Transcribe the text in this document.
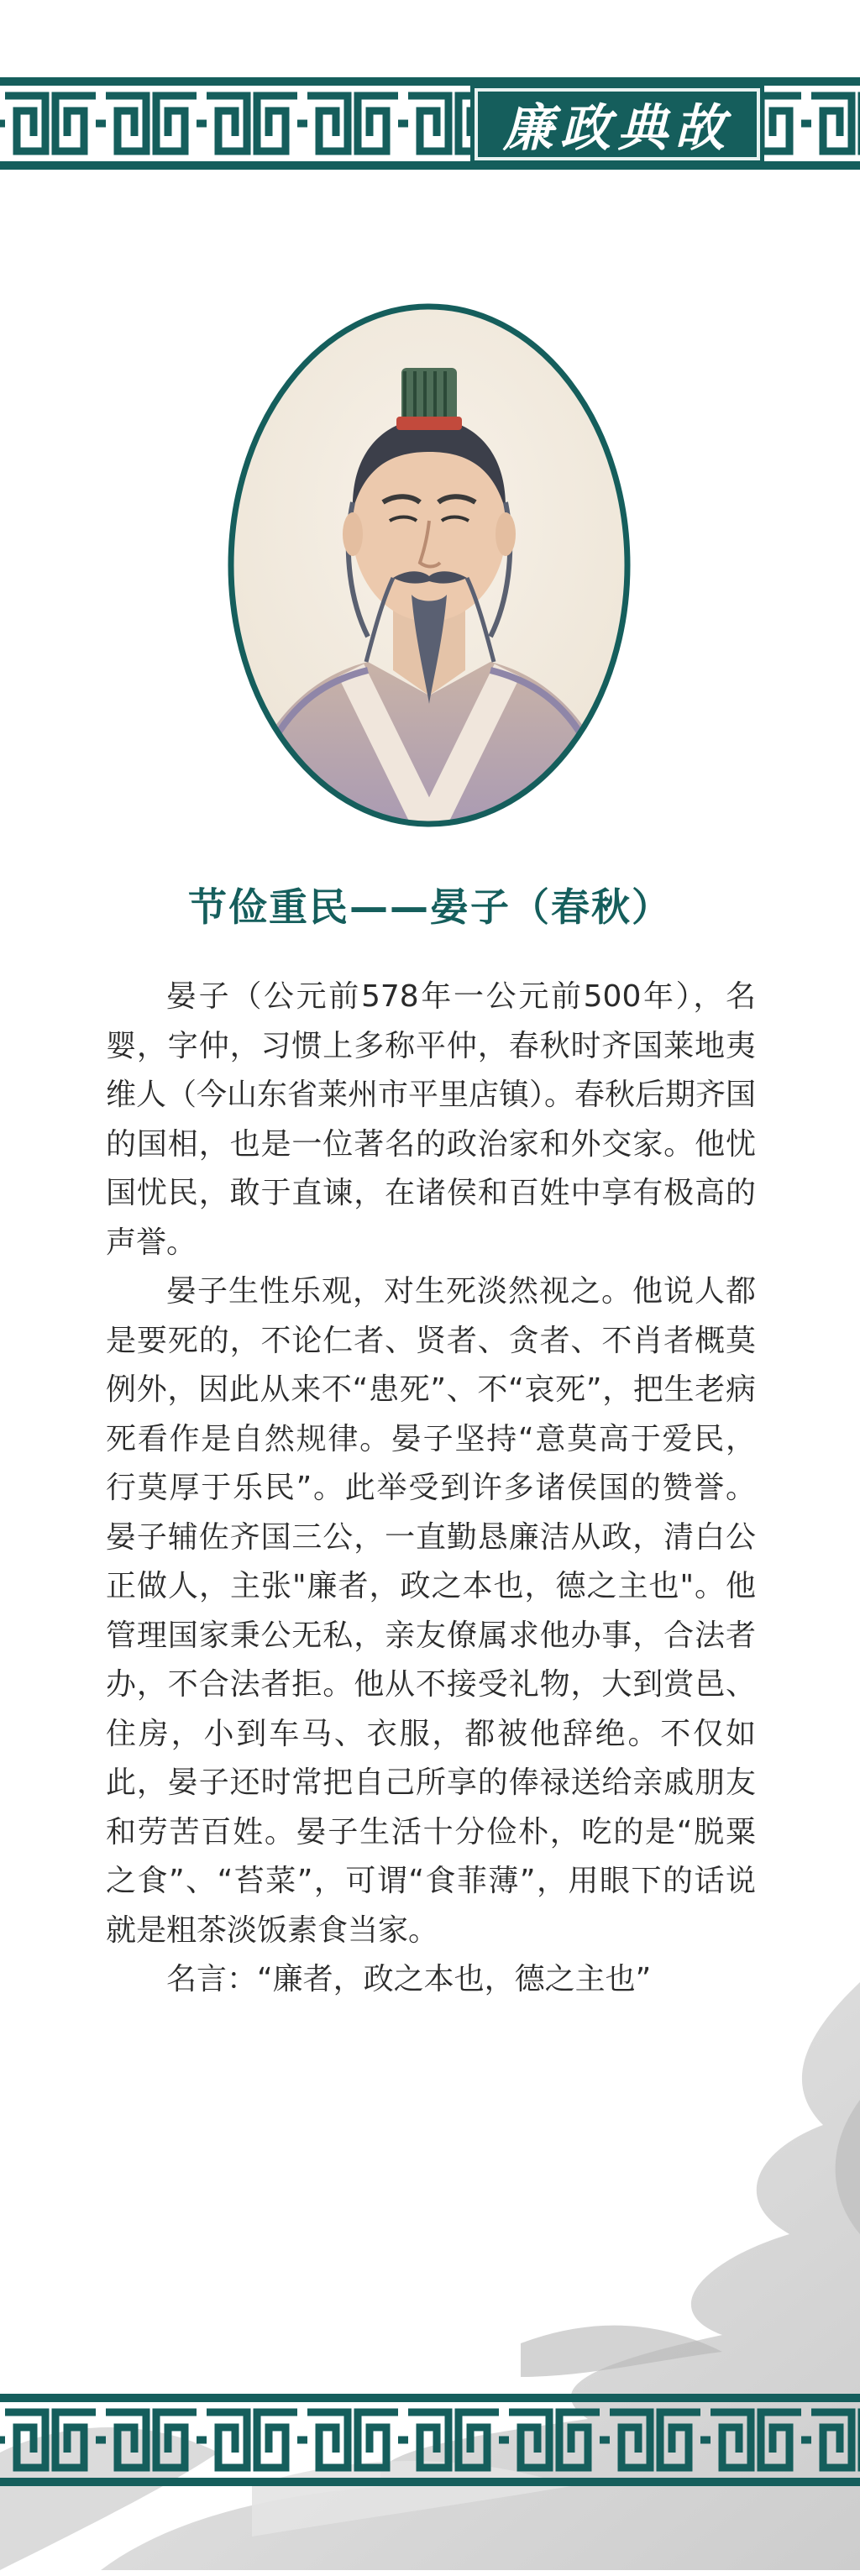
廉政典故
节俭重民——晏子（春秋）

晏子（公元前578年一公元前500年），名婴，字仲，习惯上多称平仲，春秋时齐国莱地夷维人（今山东省莱州市平里店镇）。春秋后期齐国的国相，也是一位著名的政治家和外交家。他忧国忧民，敢于直谏，在诸侯和百姓中享有极高的声誉。

晏子生性乐观，对生死淡然视之。他说人都是要死的，不论仁者、贤者、贪者、不肖者概莫例外，因此从来不“患死”、不“哀死”，把生老病死看作是自然规律。晏子坚持“意莫高于爱民，行莫厚于乐民”。此举受到许多诸侯国的赞誉。晏子辅佐齐国三公，一直勤恳廉洁从政，清白公正做人，主张"廉者，政之本也，德之主也"。他管理国家秉公无私，亲友僚属求他办事，合法者办，不合法者拒。他从不接受礼物，大到赏邑、住房，小到车马、衣服，都被他辞绝。不仅如此，晏子还时常把自己所享的俸禄送给亲戚朋友和劳苦百姓。晏子生活十分俭朴，吃的是“脱粟之食”、“苔菜”，可谓“食菲薄”，用眼下的话说就是粗茶淡饭素食当家。

名言：“廉者，政之本也，德之主也”
